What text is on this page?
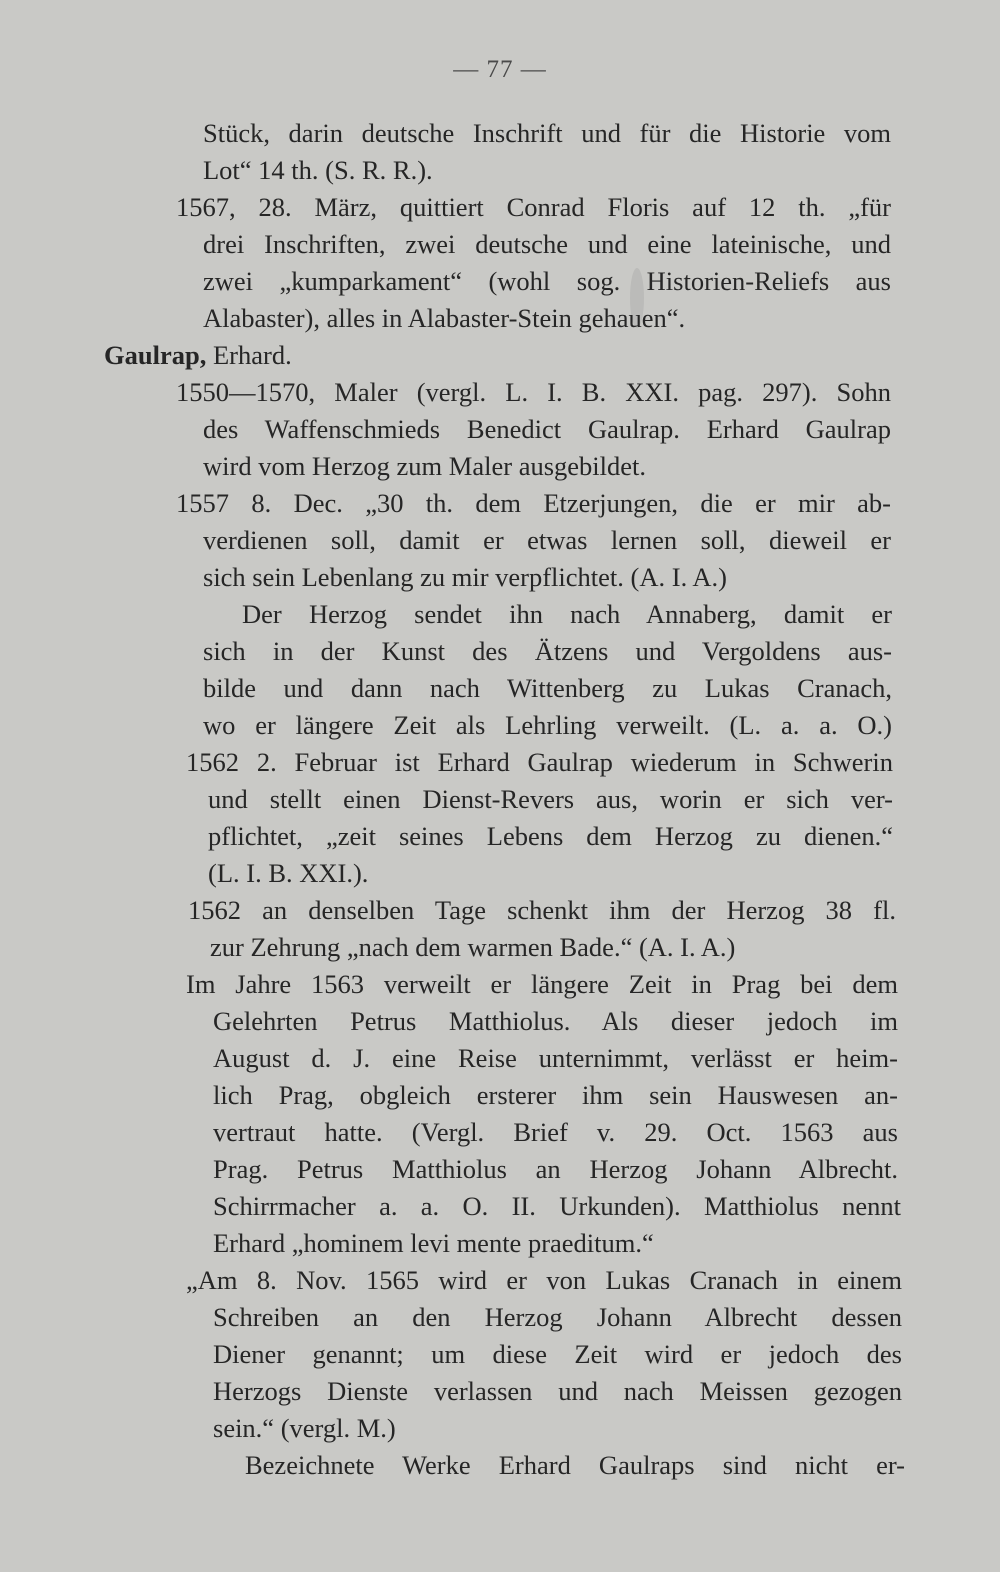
— 77 —
Stück, darin deutsche Inschrift und für die Historie vom
Lot“ 14 th. (S. R. R.).
1567, 28. März, quittiert Conrad Floris auf 12 th. „für
drei Inschriften, zwei deutsche und eine lateinische, und
zwei „kumparkament“ (wohl sog. Historien-Reliefs aus
Alabaster), alles in Alabaster-Stein gehauen“.
Gaulrap, Erhard.
1550—1570, Maler (vergl. L. I. B. XXI. pag. 297). Sohn
des Waffenschmieds Benedict Gaulrap. Erhard Gaulrap
wird vom Herzog zum Maler ausgebildet.
1557 8. Dec. „30 th. dem Etzerjungen, die er mir ab-
verdienen soll, damit er etwas lernen soll, dieweil er
sich sein Lebenlang zu mir verpflichtet. (A. I. A.)
Der Herzog sendet ihn nach Annaberg, damit er
sich in der Kunst des Ätzens und Vergoldens aus-
bilde und dann nach Wittenberg zu Lukas Cranach,
wo er längere Zeit als Lehrling verweilt. (L. a. a. O.)
1562 2. Februar ist Erhard Gaulrap wiederum in Schwerin
und stellt einen Dienst-Revers aus, worin er sich ver-
pflichtet, „zeit seines Lebens dem Herzog zu dienen.“
(L. I. B. XXI.).
1562 an denselben Tage schenkt ihm der Herzog 38 fl.
zur Zehrung „nach dem warmen Bade.“ (A. I. A.)
Im Jahre 1563 verweilt er längere Zeit in Prag bei dem
Gelehrten Petrus Matthiolus. Als dieser jedoch im
August d. J. eine Reise unternimmt, verlässt er heim-
lich Prag, obgleich ersterer ihm sein Hauswesen an-
vertraut hatte. (Vergl. Brief v. 29. Oct. 1563 aus
Prag. Petrus Matthiolus an Herzog Johann Albrecht.
Schirrmacher a. a. O. II. Urkunden). Matthiolus nennt
Erhard „hominem levi mente praeditum.“
„Am 8. Nov. 1565 wird er von Lukas Cranach in einem
Schreiben an den Herzog Johann Albrecht dessen
Diener genannt; um diese Zeit wird er jedoch des
Herzogs Dienste verlassen und nach Meissen gezogen
sein.“ (vergl. M.)
Bezeichnete Werke Erhard Gaulraps sind nicht er-
